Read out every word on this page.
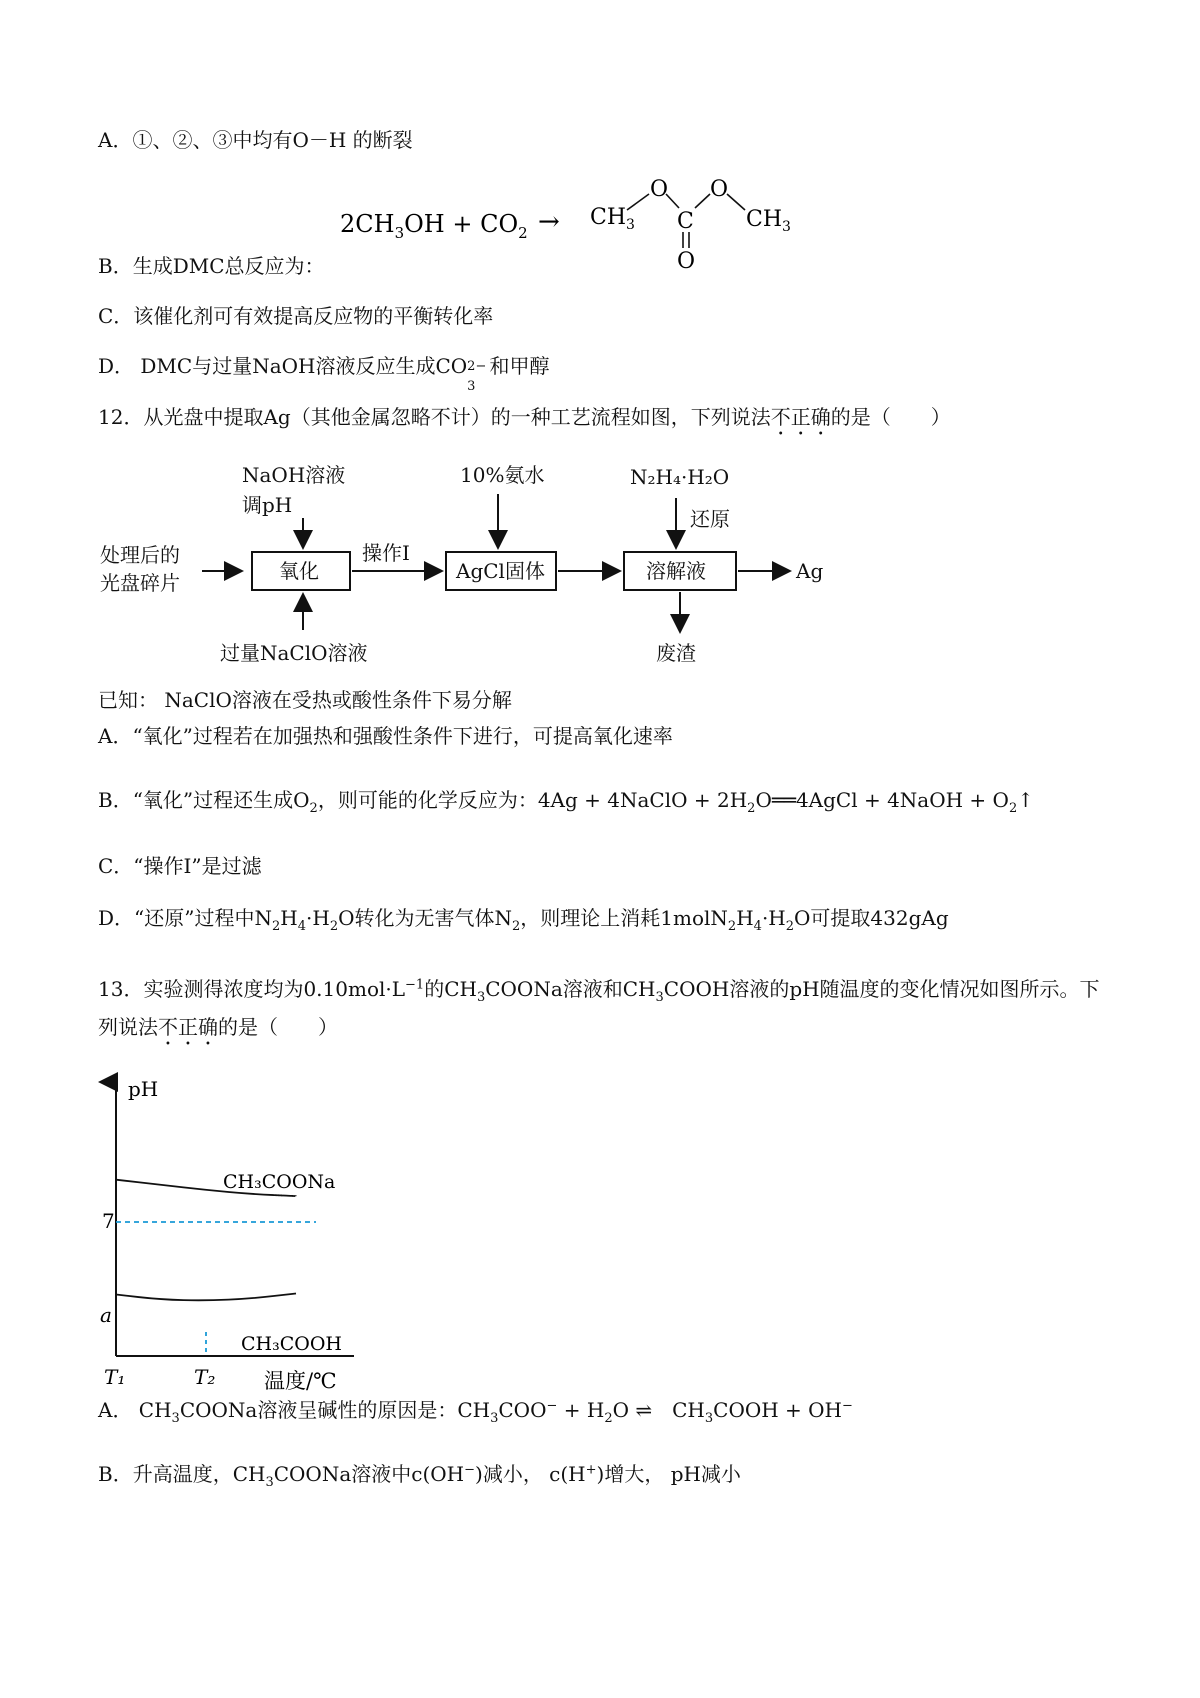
A．①、②、③中均有O－H 的断裂
$2CH_3OH + CO_2 \to CH_3$
O
C
O
$CH_3$
O
B．生成DMC总反应为：
C．该催化剂可有效提高反应物的平衡转化率
D． DMC与过量NaOH溶液反应生成CO 2−
3
和甲醇
12．从光盘中提取Ag（其他金属忽略不计）的一种工艺流程如图，下列说法不正确的是（　　）
处理后的
光盘碎片
NaOH溶液
调pH
氧化
过量NaClO溶液
操作I
10%氨水
AgCl固体
N₂H₄·H₂O
还原
溶解液	Ag
废渣
已知： NaClO溶液在受热或酸性条件下易分解
A．“氧化”过程若在加强热和强酸性条件下进行，可提高氧化速率
B．“氧化”过程还生成$O_2$，则可能的化学反应为：4Ag + 4NaClO + $2H_2O══4AgCl$ + 4NaOH + $O_2↑$
C．“操作Ⅰ”是过滤
D．“还原”过程中$N_2H_4\cdot H_2O$转化为无害气体$N_2$，则理论上消耗$1molN_2H_4\cdot H_2O$可提取432gAg
13．实验测得浓度均为$0.10mol\cdot L^{-1}$的$CH_3COONa$溶液和$CH_3COOH$溶液的pH随温度的变化情况如图所示。下列说法不正确的是（　　）
pH
7
a
CH₃COONa
CH₃COOH
T₁	T₂ 温度/℃
A． $CH_3COONa$溶液呈碱性的原因是：$CH_3COO^- + H_2O$ ⇌　$CH_3COOH + OH^-$
B．升高温度，$CH_3COONa$溶液中c(OH−)减小， c(H+)增大， pH减小
